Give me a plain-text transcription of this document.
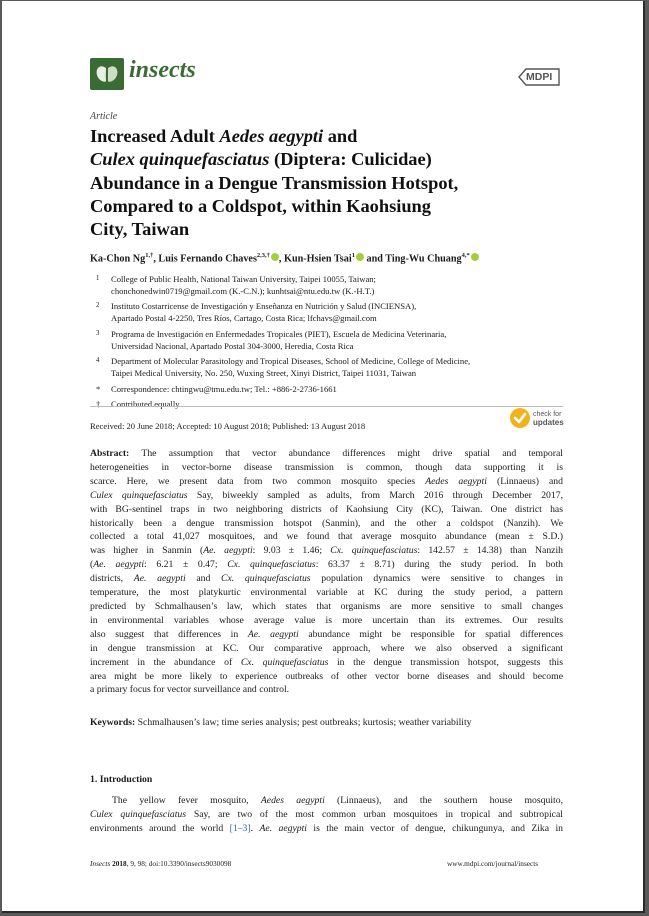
insects	MDPI
Article
Increased Adult Aedes aegypti and
Culex quinquefasciatus (Diptera: Culicidae)
Abundance in a Dengue Transmission Hotspot,
Compared to a Coldspot, within Kaohsiung
City, Taiwan
Ka-Chon $Ng^{1,\dagger}$, Luis Fernando Chaves$^{2,3,\dagger}$ , Kun-Hsien Tsai$^1$ and Ting-Wu Chuang$^{4,*}$
1 College of Public Health, National Taiwan University, Taipei 10055, Taiwan;
chonchonedwin0719@gmail.com (K.-C.N.); kunhtsai@ntu.edu.tw (K.-H.T.)
2 Instituto Costarricense de Investigación y Enseñanza en Nutrición y Salud (INCIENSA),
Apartado Postal 4-2250, Tres Ríos, Cartago, Costa Rica; lfchavs@gmail.com
3 Programa de Investigación en Enfermedades Tropicales (PIET), Escuela de Medicina Veterinaria,
Universidad Nacional, Apartado Postal 304-3000, Heredia, Costa Rica
4 Department of Molecular Parasitology and Tropical Diseases, School of Medicine, College of Medicine,
Taipei Medical University, No. 250, Wuxing Street, Xinyi District, Taipei 11031, Taiwan
* Correspondence: chtingwu@tmu.edu.tw; Tel.: +886-2-2736-1661
† Contributed equally.
Received: 20 June 2018; Accepted: 10 August 2018; Published: 13 August 2018
check for
updates
Abstract: The assumption that vector abundance differences might drive spatial and temporal
heterogeneities in vector-borne disease transmission is common, though data supporting it is
scarce. Here, we present data from two common mosquito species Aedes aegypti (Linnaeus) and
Culex quinquefasciatus Say, biweekly sampled as adults, from March 2016 through December 2017,
with BG-sentinel traps in two neighboring districts of Kaohsiung City (KC), Taiwan. One district has
historically been a dengue transmission hotspot (Sanmin), and the other a coldspot (Nanzih). We
collected a total 41,027 mosquitoes, and we found that average mosquito abundance (mean ± S.D.)
was higher in Sanmin (Ae. aegypti: 9.03 ± 1.46; Cx. quinquefasciatus: 142.57 ± 14.38) than Nanzih
(Ae. aegypti: 6.21 ± 0.47; Cx. quinquefasciatus: 63.37 ± 8.71) during the study period. In both
districts, Ae. aegypti and Cx. quinquefasciatus population dynamics were sensitive to changes in
temperature, the most platykurtic environmental variable at KC during the study period, a pattern
predicted by Schmalhausen’s law, which states that organisms are more sensitive to small changes
in environmental variables whose average value is more uncertain than its extremes. Our results
also suggest that differences in Ae. aegypti abundance might be responsible for spatial differences
in dengue transmission at KC. Our comparative approach, where we also observed a significant
increment in the abundance of Cx. quinquefasciatus in the dengue transmission hotspot, suggests this
area might be more likely to experience outbreaks of other vector borne diseases and should become
a primary focus for vector surveillance and control.
Keywords: Schmalhausen’s law; time series analysis; pest outbreaks; kurtosis; weather variability
1. Introduction
The yellow fever mosquito, Aedes aegypti (Linnaeus), and the southern house mosquito,
Culex quinquefasciatus Say, are two of the most common urban mosquitoes in tropical and subtropical
environments around the world [1–3]. Ae. aegypti is the main vector of dengue, chikungunya, and Zika in
Insects 2018, 9, 98; doi:10.3390/insects9030098	www.mdpi.com/journal/insects
